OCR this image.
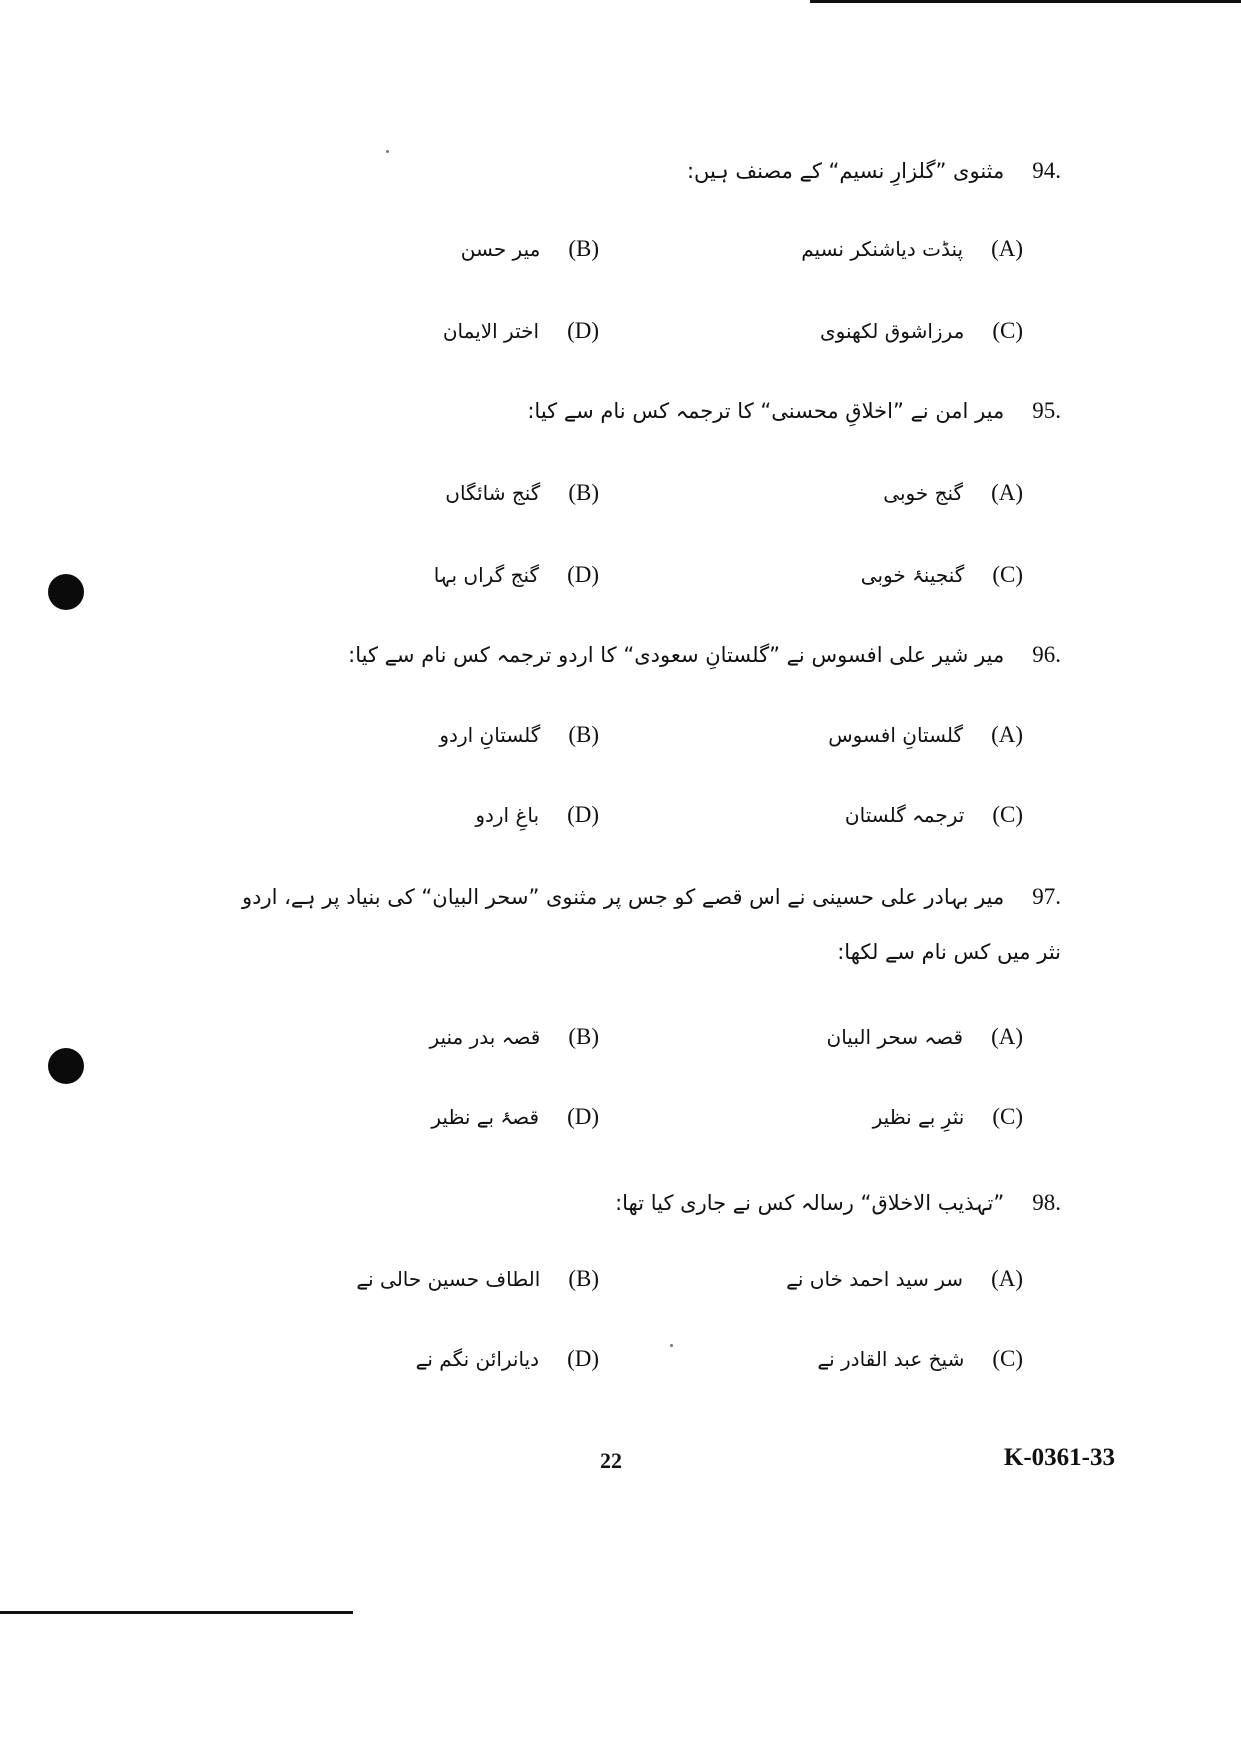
94.
مثنوی ”گلزارِ نسیم“ کے مصنف ہیں:
(A)
پنڈت دیاشنکر نسیم
(B)
میر حسن
(C)
مرزاشوق لکھنوی
(D)
اختر الایمان
95.
میر امن نے ”اخلاقِ محسنی“ کا ترجمہ کس نام سے کیا:
(A)
گنج خوبی
(B)
گنج شائگاں
(C)
گنجینۂ خوبی
(D)
گنج گراں بہا
96.
میر شیر علی افسوس نے ”گلستانِ سعودی“ کا اردو ترجمہ کس نام سے کیا:
(A)
گلستانِ افسوس
(B)
گلستانِ اردو
(C)
ترجمہ گلستان
(D)
باغِ اردو
97.
میر بہادر علی حسینی نے اس قصے کو جس پر مثنوی ”سحر البیان“ کی بنیاد پر ہے، اردو
نثر میں کس نام سے لکھا:
(A)
قصہ سحر البیان
(B)
قصہ بدر منیر
(C)
نثرِ بے نظیر
(D)
قصۂ بے نظیر
98.
”تہذیب الاخلاق“ رسالہ کس نے جاری کیا تھا:
(A)
سر سید احمد خاں نے
(B)
الطاف حسین حالی نے
(C)
شیخ عبد القادر نے
(D)
دیانرائن نگم نے
22	K-0361-33
